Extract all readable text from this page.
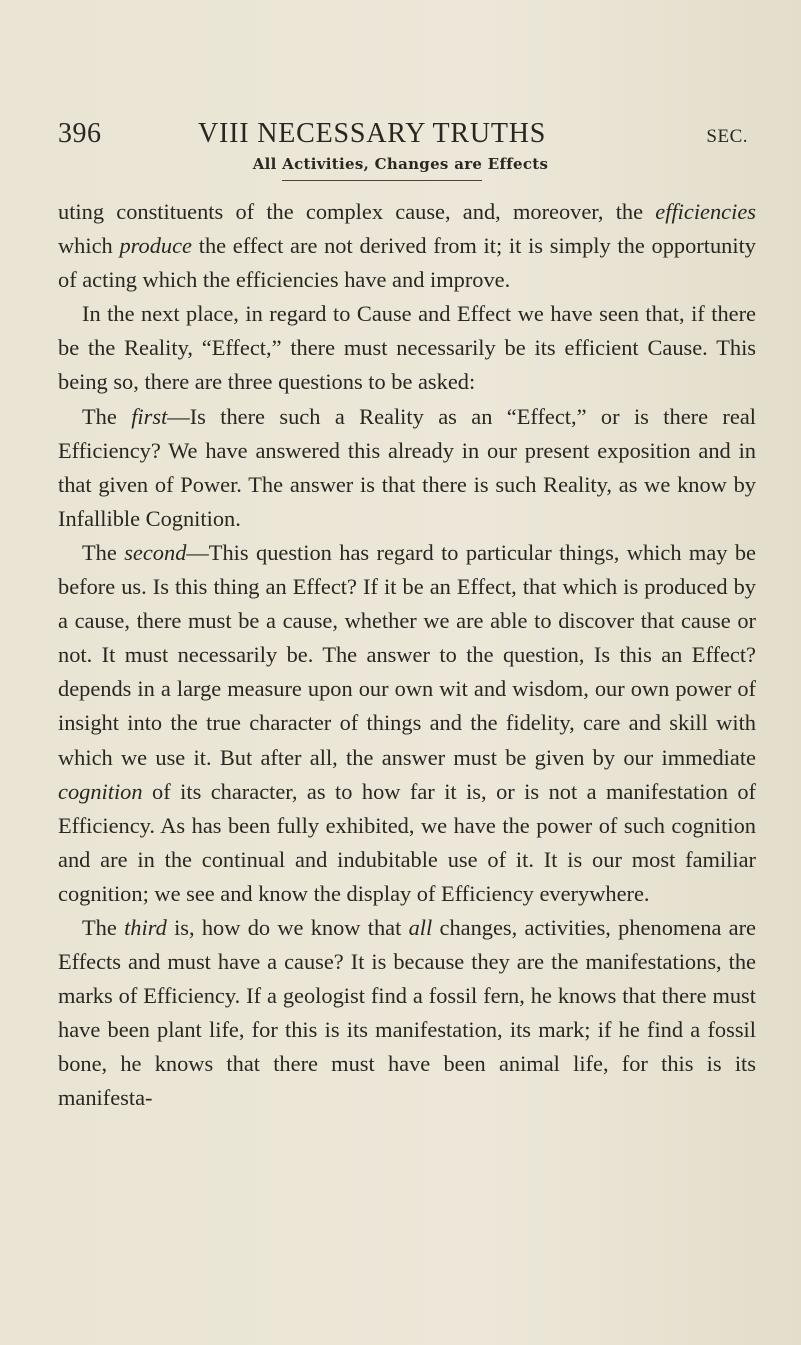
396	VIII NECESSARY TRUTHS	SEC.
All Activities, Changes are Effects

uting constituents of the complex cause, and, moreover, the efficiencies which produce the effect are not derived from it; it is simply the opportunity of acting which the efficiencies have and improve.

In the next place, in regard to Cause and Effect we have seen that, if there be the Reality, “Effect,” there must necessarily be its efficient Cause. This being so, there are three questions to be asked:

The first—Is there such a Reality as an “Effect,” or is there real Efficiency? We have answered this already in our present exposition and in that given of Power. The answer is that there is such Reality, as we know by Infallible Cognition.

The second—This question has regard to particular things, which may be before us. Is this thing an Effect? If it be an Effect, that which is produced by a cause, there must be a cause, whether we are able to discover that cause or not. It must necessarily be. The answer to the question, Is this an Effect? depends in a large measure upon our own wit and wisdom, our own power of insight into the true character of things and the fidelity, care and skill with which we use it. But after all, the answer must be given by our immediate cognition of its character, as to how far it is, or is not a manifestation of Efficiency. As has been fully exhibited, we have the power of such cognition and are in the continual and indubitable use of it. It is our most familiar cognition; we see and know the display of Efficiency everywhere.

The third is, how do we know that all changes, activities, phenomena are Effects and must have a cause? It is because they are the manifestations, the marks of Efficiency. If a geologist find a fossil fern, he knows that there must have been plant life, for this is its manifestation, its mark; if he find a fossil bone, he knows that there must have been animal life, for this is its manifesta-
